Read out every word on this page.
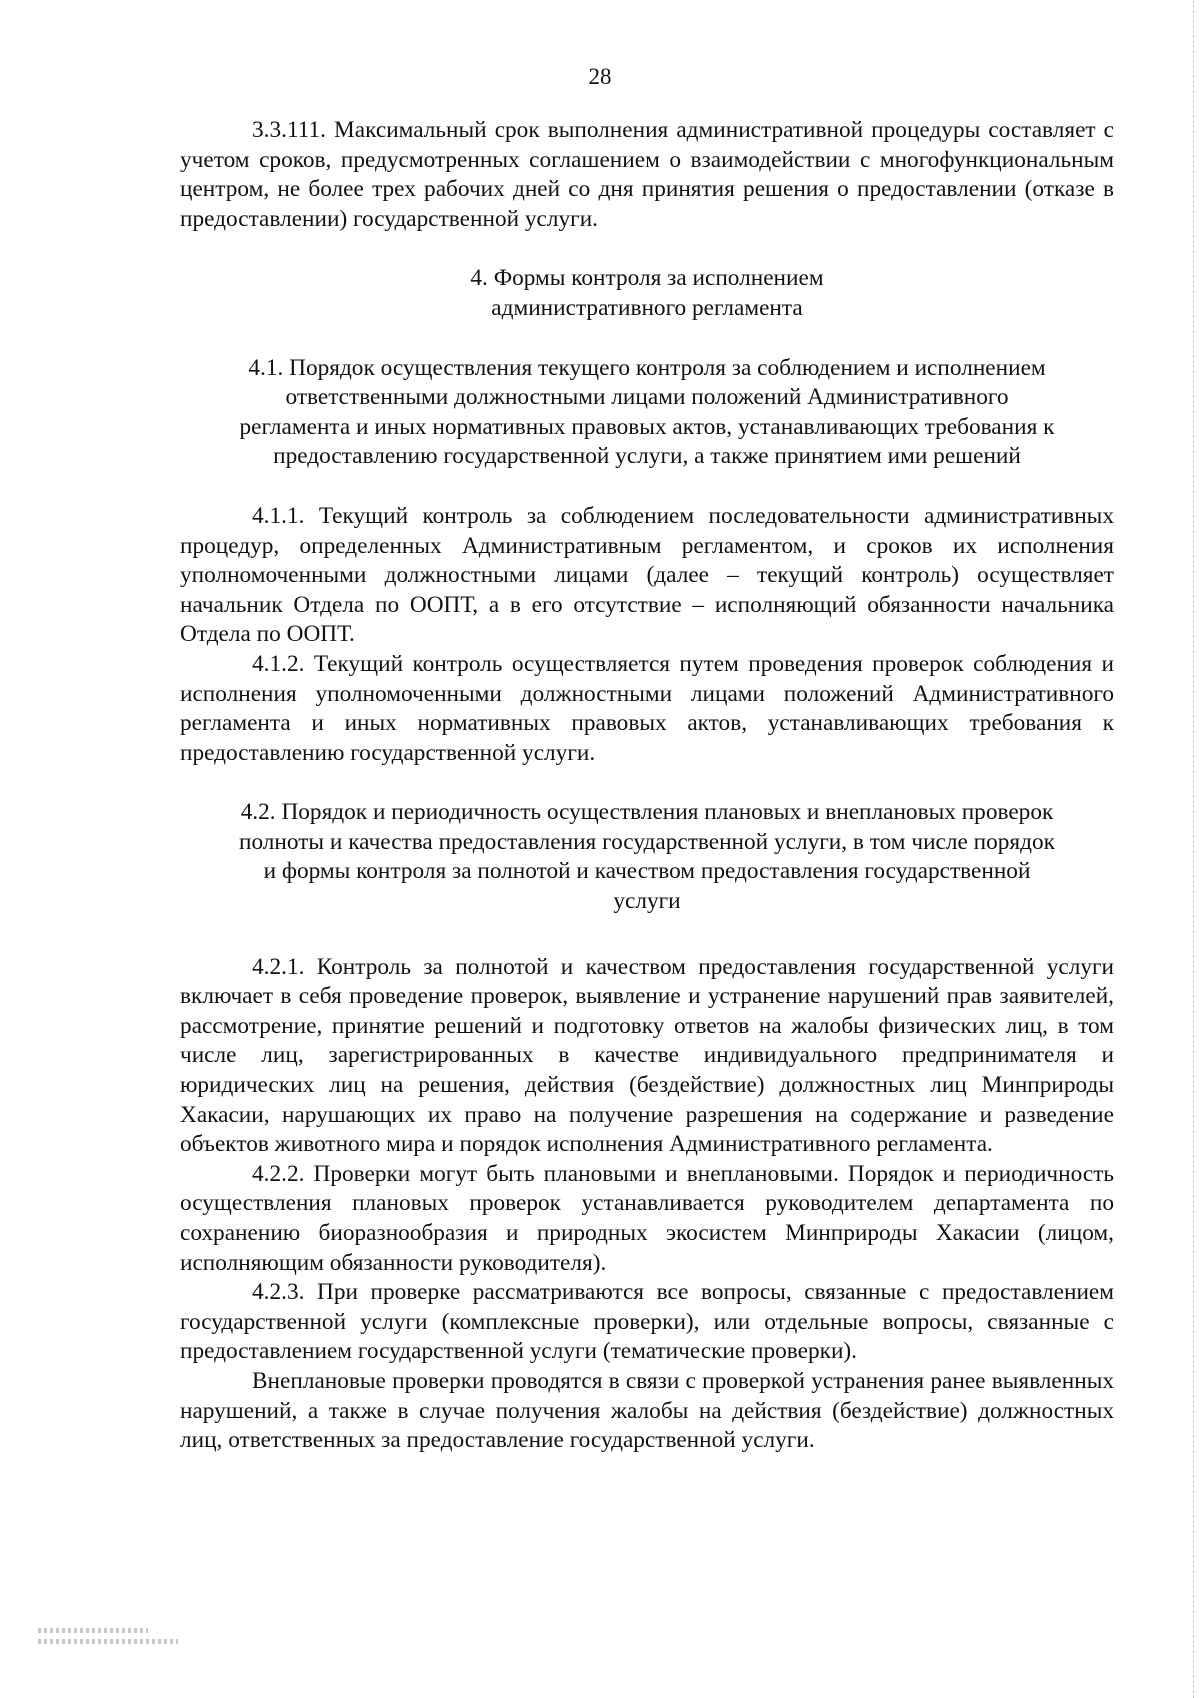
28

3.3.111. Максимальный срок выполнения административной процедуры составляет с учетом сроков, предусмотренных соглашением о взаимодействии с многофункциональным центром, не более трех рабочих дней со дня принятия решения о предоставлении (отказе в предоставлении) государственной услуги.

4. Формы контроля за исполнением
административного регламента
4.1. Порядок осуществления текущего контроля за соблюдением и исполнением
ответственными должностными лицами положений Административного
регламента и иных нормативных правовых актов, устанавливающих требования к
предоставлению государственной услуги, а также принятием ими решений

4.1.1. Текущий контроль за соблюдением последовательности административных процедур, определенных Административным регламентом, и сроков их исполнения уполномоченными должностными лицами (далее – текущий контроль) осуществляет начальник Отдела по ООПТ, а в его отсутствие – исполняющий обязанности начальника Отдела по ООПТ.

4.1.2. Текущий контроль осуществляется путем проведения проверок соблюдения и исполнения уполномоченными должностными лицами положений Административного регламента и иных нормативных правовых актов, устанавливающих требования к предоставлению государственной услуги.

4.2. Порядок и периодичность осуществления плановых и внеплановых проверок
полноты и качества предоставления государственной услуги, в том числе порядок
и формы контроля за полнотой и качеством предоставления государственной
услуги

4.2.1. Контроль за полнотой и качеством предоставления государственной услуги включает в себя проведение проверок, выявление и устранение нарушений прав заявителей, рассмотрение, принятие решений и подготовку ответов на жалобы физических лиц, в том числе лиц, зарегистрированных в качестве индивидуального предпринимателя и юридических лиц на решения, действия (бездействие) должностных лиц Минприроды Хакасии, нарушающих их право на получение разрешения на содержание и разведение объектов животного мира и порядок исполнения Административного регламента.

4.2.2. Проверки могут быть плановыми и внеплановыми. Порядок и периодичность осуществления плановых проверок устанавливается руководителем департамента по сохранению биоразнообразия и природных экосистем Минприроды Хакасии (лицом, исполняющим обязанности руководителя).

4.2.3. При проверке рассматриваются все вопросы, связанные с предоставлением государственной услуги (комплексные проверки), или отдельные вопросы, связанные с предоставлением государственной услуги (тематические проверки).

Внеплановые проверки проводятся в связи с проверкой устранения ранее выявленных нарушений, а также в случае получения жалобы на действия (бездействие) должностных лиц, ответственных за предоставление государственной услуги.
